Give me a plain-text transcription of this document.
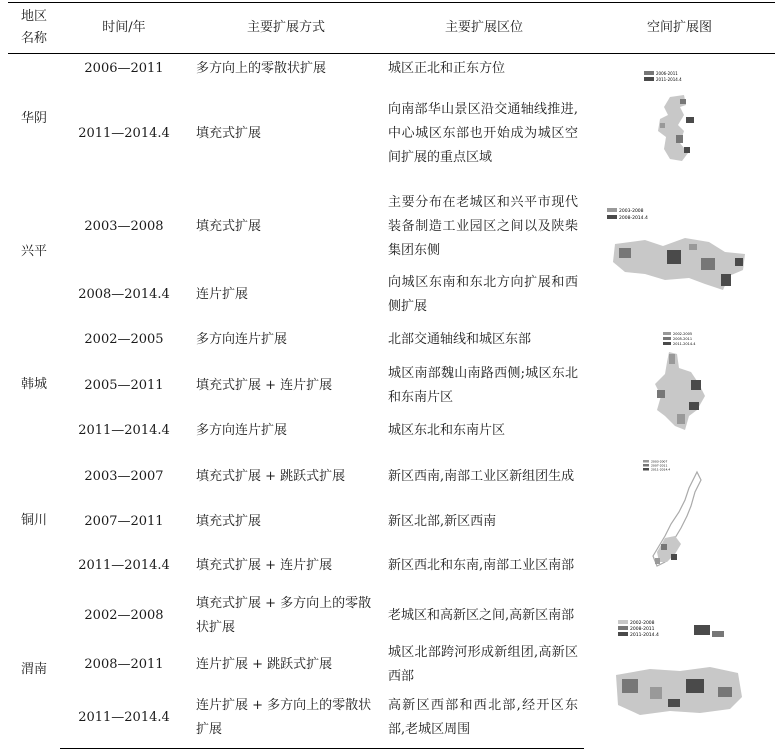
地区名称	时间/年	主要扩展方式	主要扩展区位	空间扩展图
华阴	2006—2011	多方向上的零散状扩展	城区正北和正东方位	2006-2011
2011-2014.4

	2011—2014.4	填充式扩展	向南部华山景区沿交通轴线推进,中心城区东部也开始成为城区空间扩展的重点区域	
兴平	2003—2008	填充式扩展	主要分布在老城区和兴平市现代装备制造工业园区之间以及陕柴集团东侧	2003-2008
2008-2014.4

	2008—2014.4	连片扩展	向城区东南和东北方向扩展和西侧扩展	
韩城	2002—2005	多方向连片扩展	北部交通轴线和城区东部	2002-2005
2005-2011
2011-2014.4

	2005—2011	填充式扩展 + 连片扩展	城区南部魏山南路西侧;城区东北和东南片区	
	2011—2014.4	多方向连片扩展	城区东北和东南片区	
铜川	2003—2007	填充式扩展 + 跳跃式扩展	新区西南,南部工业区新组团生成	2003-2007
2007-2011
2011-2014.4

	2007—2011	填充式扩展	新区北部,新区西南	
	2011—2014.4	填充式扩展 + 连片扩展	新区西北和东南,南部工业区南部	
渭南	2002—2008	填充式扩展 + 多方向上的零散状扩展	老城区和高新区之间,高新区南部	2002-2008
2008-2011
2011-2014.4

	2008—2011	连片扩展 + 跳跃式扩展	城区北部跨河形成新组团,高新区西部	
	2011—2014.4	连片扩展 + 多方向上的零散状扩展	高新区西部和西北部,经开区东部,老城区周围	
